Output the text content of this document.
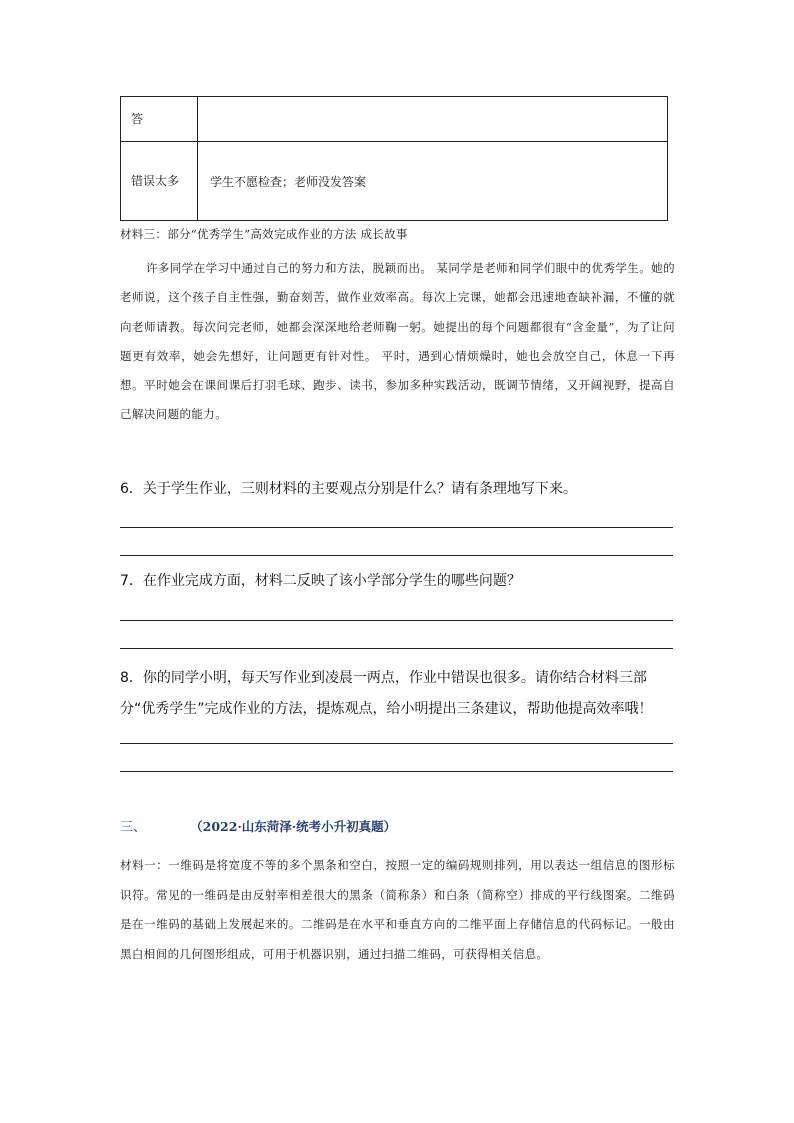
答	
错误太多	学生不愿检查；老师没发答案
材料三：部分“优秀学生”高效完成作业的方法 成长故事
许多同学在学习中通过自己的努力和方法，脱颖而出。 某同学是老师和同学们眼中的优秀学生。她的老师说，这个孩子自主性强，勤奋刻苦，做作业效率高。每次上完课，她都会迅速地查缺补漏，不懂的就向老师请教。每次问完老师，她都会深深地给老师鞠一躬。她提出的每个问题都很有“含金量”，为了让问题更有效率，她会先想好，让问题更有针对性。 平时，遇到心情烦燥时，她也会放空自己，休息一下再想。平时她会在课间课后打羽毛球、跑步、读书，参加多种实践活动，既调节情绪，又开阔视野，提高自己解决问题的能力。
6．关于学生作业，三则材料的主要观点分别是什么？请有条理地写下来。
7．在作业完成方面，材料二反映了该小学部分学生的哪些问题？
8．你的同学小明，每天写作业到凌晨一两点，作业中错误也很多。请你结合材料三部分“优秀学生”完成作业的方法，提炼观点，给小明提出三条建议，帮助他提高效率哦！
三、	（2022·山东菏泽·统考小升初真题）
材料一：一维码是将宽度不等的多个黑条和空白，按照一定的编码规则排列，用以表达一组信息的图形标识符。常见的一维码是由反射率相差很大的黑条（简称条）和白条（简称空）排成的平行线图案。二维码是在一维码的基础上发展起来的。二维码是在水平和垂直方向的二维平面上存储信息的代码标记。一般由黑白相间的几何图形组成，可用于机器识别，通过扫描二维码，可获得相关信息。
